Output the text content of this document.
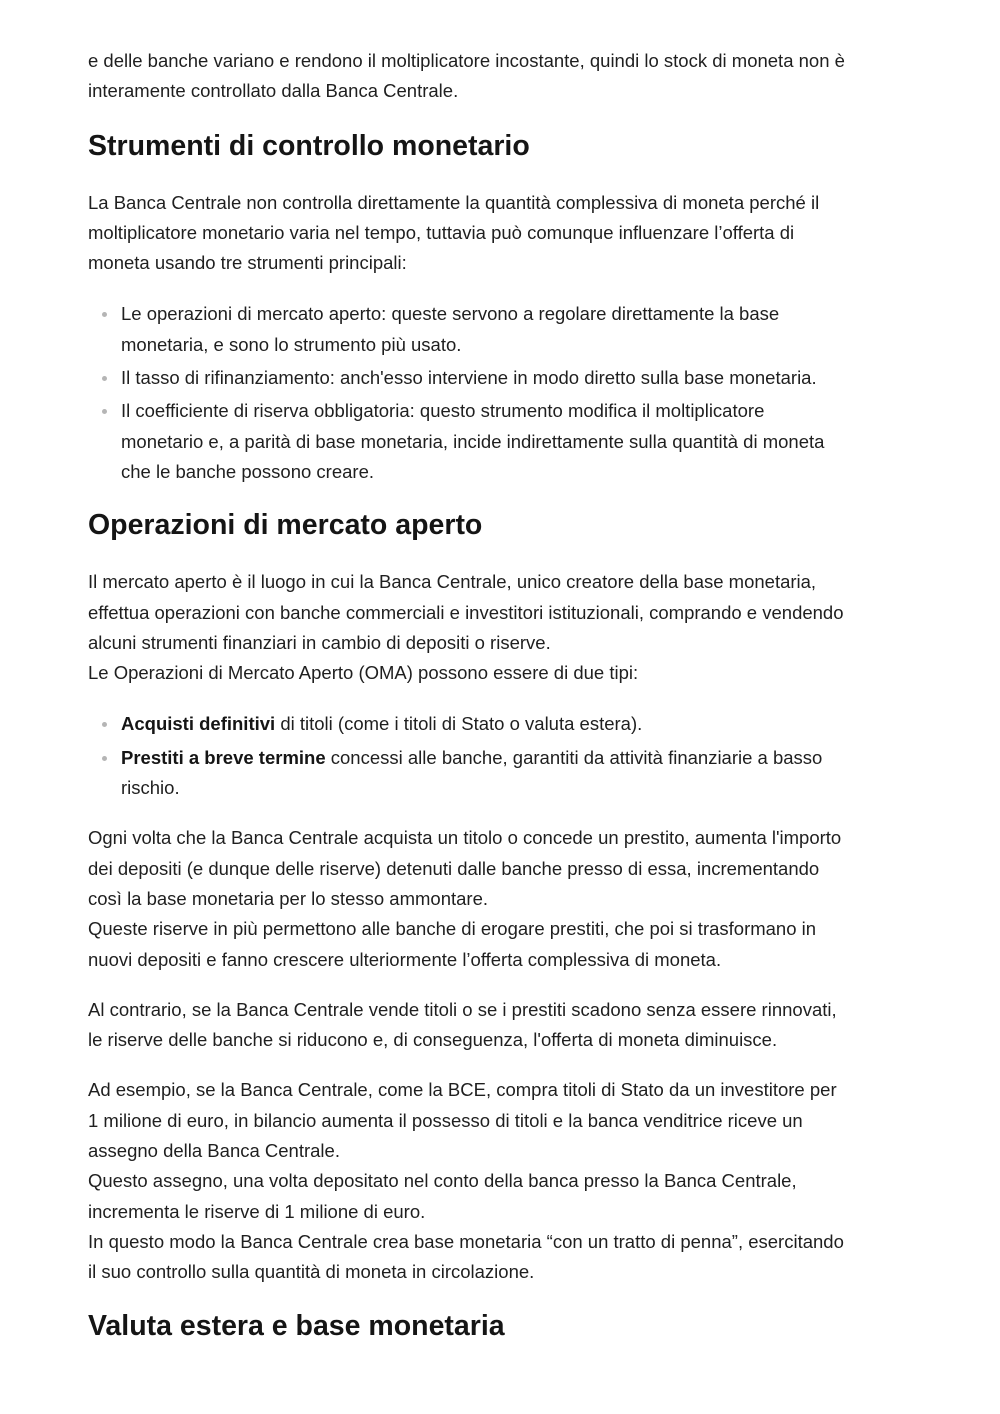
e delle banche variano e rendono il moltiplicatore incostante, quindi lo stock di moneta non è
interamente controllato dalla Banca Centrale.

Strumenti di controllo monetario

La Banca Centrale non controlla direttamente la quantità complessiva di moneta perché il
moltiplicatore monetario varia nel tempo, tuttavia può comunque influenzare l’offerta di
moneta usando tre strumenti principali:

Le operazioni di mercato aperto: queste servono a regolare direttamente la base
monetaria, e sono lo strumento più usato.
Il tasso di rifinanziamento: anch'esso interviene in modo diretto sulla base monetaria.
Il coefficiente di riserva obbligatoria: questo strumento modifica il moltiplicatore
monetario e, a parità di base monetaria, incide indirettamente sulla quantità di moneta
che le banche possono creare.
Operazioni di mercato aperto

Il mercato aperto è il luogo in cui la Banca Centrale, unico creatore della base monetaria,
effettua operazioni con banche commerciali e investitori istituzionali, comprando e vendendo
alcuni strumenti finanziari in cambio di depositi o riserve.
Le Operazioni di Mercato Aperto (OMA) possono essere di due tipi:

Acquisti definitivi di titoli (come i titoli di Stato o valuta estera).
Prestiti a breve termine concessi alle banche, garantiti da attività finanziarie a basso
rischio.

Ogni volta che la Banca Centrale acquista un titolo o concede un prestito, aumenta l'importo
dei depositi (e dunque delle riserve) detenuti dalle banche presso di essa, incrementando
così la base monetaria per lo stesso ammontare.
Queste riserve in più permettono alle banche di erogare prestiti, che poi si trasformano in
nuovi depositi e fanno crescere ulteriormente l’offerta complessiva di moneta.

Al contrario, se la Banca Centrale vende titoli o se i prestiti scadono senza essere rinnovati,
le riserve delle banche si riducono e, di conseguenza, l'offerta di moneta diminuisce.

Ad esempio, se la Banca Centrale, come la BCE, compra titoli di Stato da un investitore per
1 milione di euro, in bilancio aumenta il possesso di titoli e la banca venditrice riceve un
assegno della Banca Centrale.
Questo assegno, una volta depositato nel conto della banca presso la Banca Centrale,
incrementa le riserve di 1 milione di euro.
In questo modo la Banca Centrale crea base monetaria “con un tratto di penna”, esercitando
il suo controllo sulla quantità di moneta in circolazione.

Valuta estera e base monetaria
